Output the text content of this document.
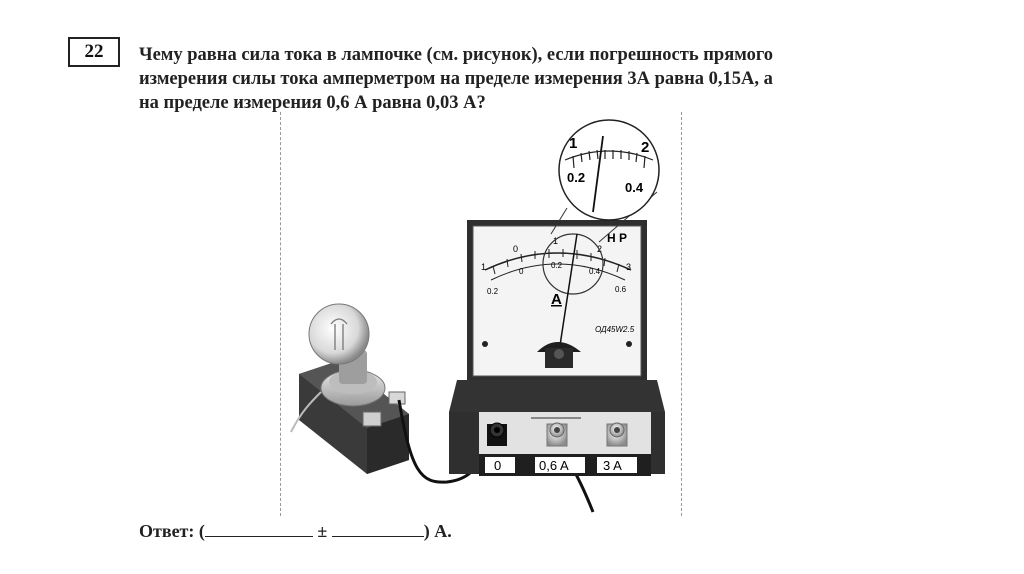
22	Чему равна сила тока в лампочке (см. рисунок), если погрешность прямого
измерения силы тока амперметром на пределе измерения 3А равна 0,15А, а
на пределе измерения 0,6 А равна 0,03 А?
1
0
1
2
3
0.2
0
0.2
0.4
0.6
H P
A
ОД45W2.5
1	2
0.2
0.4
0	0,6 A	3 A
Ответ: (	±	) А.
